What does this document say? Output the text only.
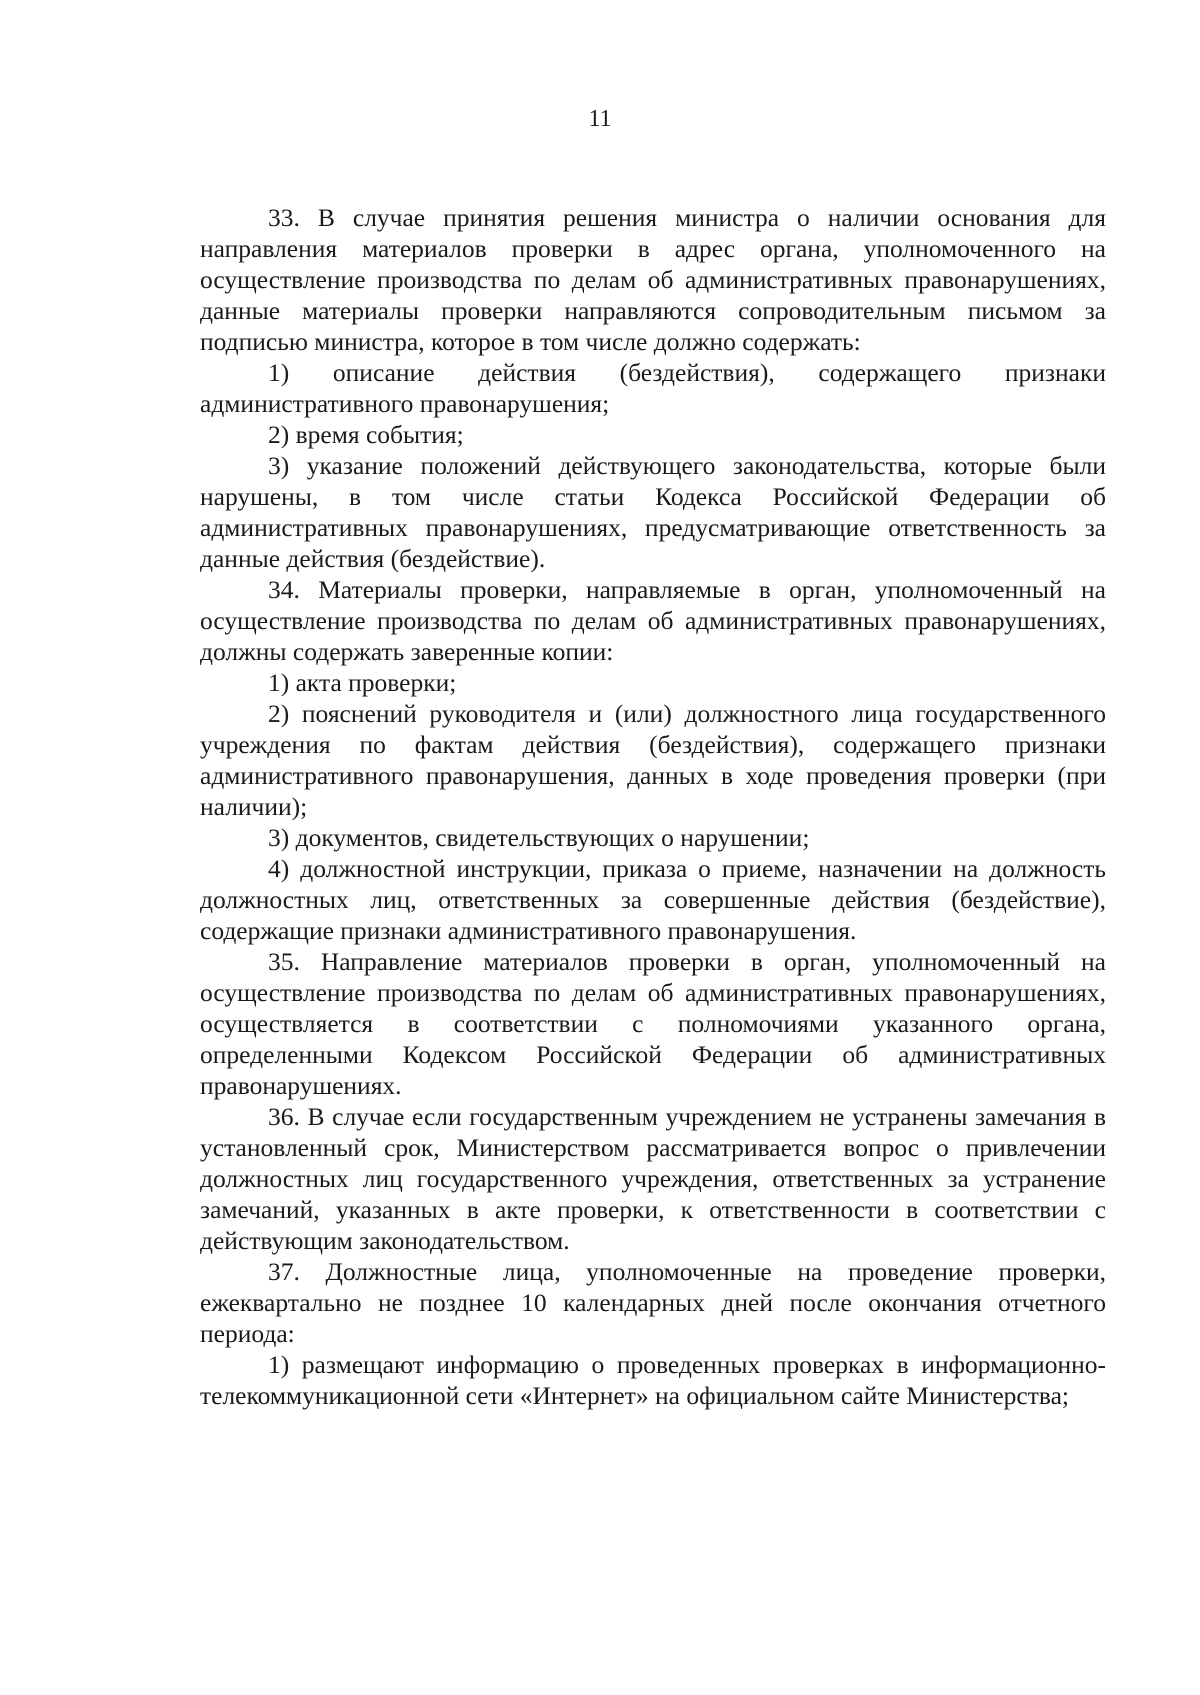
11

33. В случае принятия решения министра о наличии основания для направления материалов проверки в адрес органа, уполномоченного на осуществление производства по делам об административных правонарушениях, данные материалы проверки направляются сопроводительным письмом за подписью министра, которое в том числе должно содержать:

1) описание действия (бездействия), содержащего признаки административного правонарушения;

2) время события;

3) указание положений действующего законодательства, которые были нарушены, в том числе статьи Кодекса Российской Федерации об административных правонарушениях, предусматривающие ответственность за данные действия (бездействие).

34. Материалы проверки, направляемые в орган, уполномоченный на осуществление производства по делам об административных правонарушениях, должны содержать заверенные копии:

1) акта проверки;

2) пояснений руководителя и (или) должностного лица государственного учреждения по фактам действия (бездействия), содержащего признаки административного правонарушения, данных в ходе проведения проверки (при наличии);

3) документов, свидетельствующих о нарушении;

4) должностной инструкции, приказа о приеме, назначении на должность должностных лиц, ответственных за совершенные действия (бездействие), содержащие признаки административного правонарушения.

35. Направление материалов проверки в орган, уполномоченный на осуществление производства по делам об административных правонарушениях, осуществляется в соответствии с полномочиями указанного органа, определенными Кодексом Российской Федерации об административных правонарушениях.

36. В случае если государственным учреждением не устранены замечания в установленный срок, Министерством рассматривается вопрос о привлечении должностных лиц государственного учреждения, ответственных за устранение замечаний, указанных в акте проверки, к ответственности в соответствии с действующим законодательством.

37. Должностные лица, уполномоченные на проведение проверки, ежеквартально не позднее 10 календарных дней после окончания отчетного периода:

1) размещают информацию о проведенных проверках в информационно-телекоммуникационной сети «Интернет» на официальном сайте Министерства;
